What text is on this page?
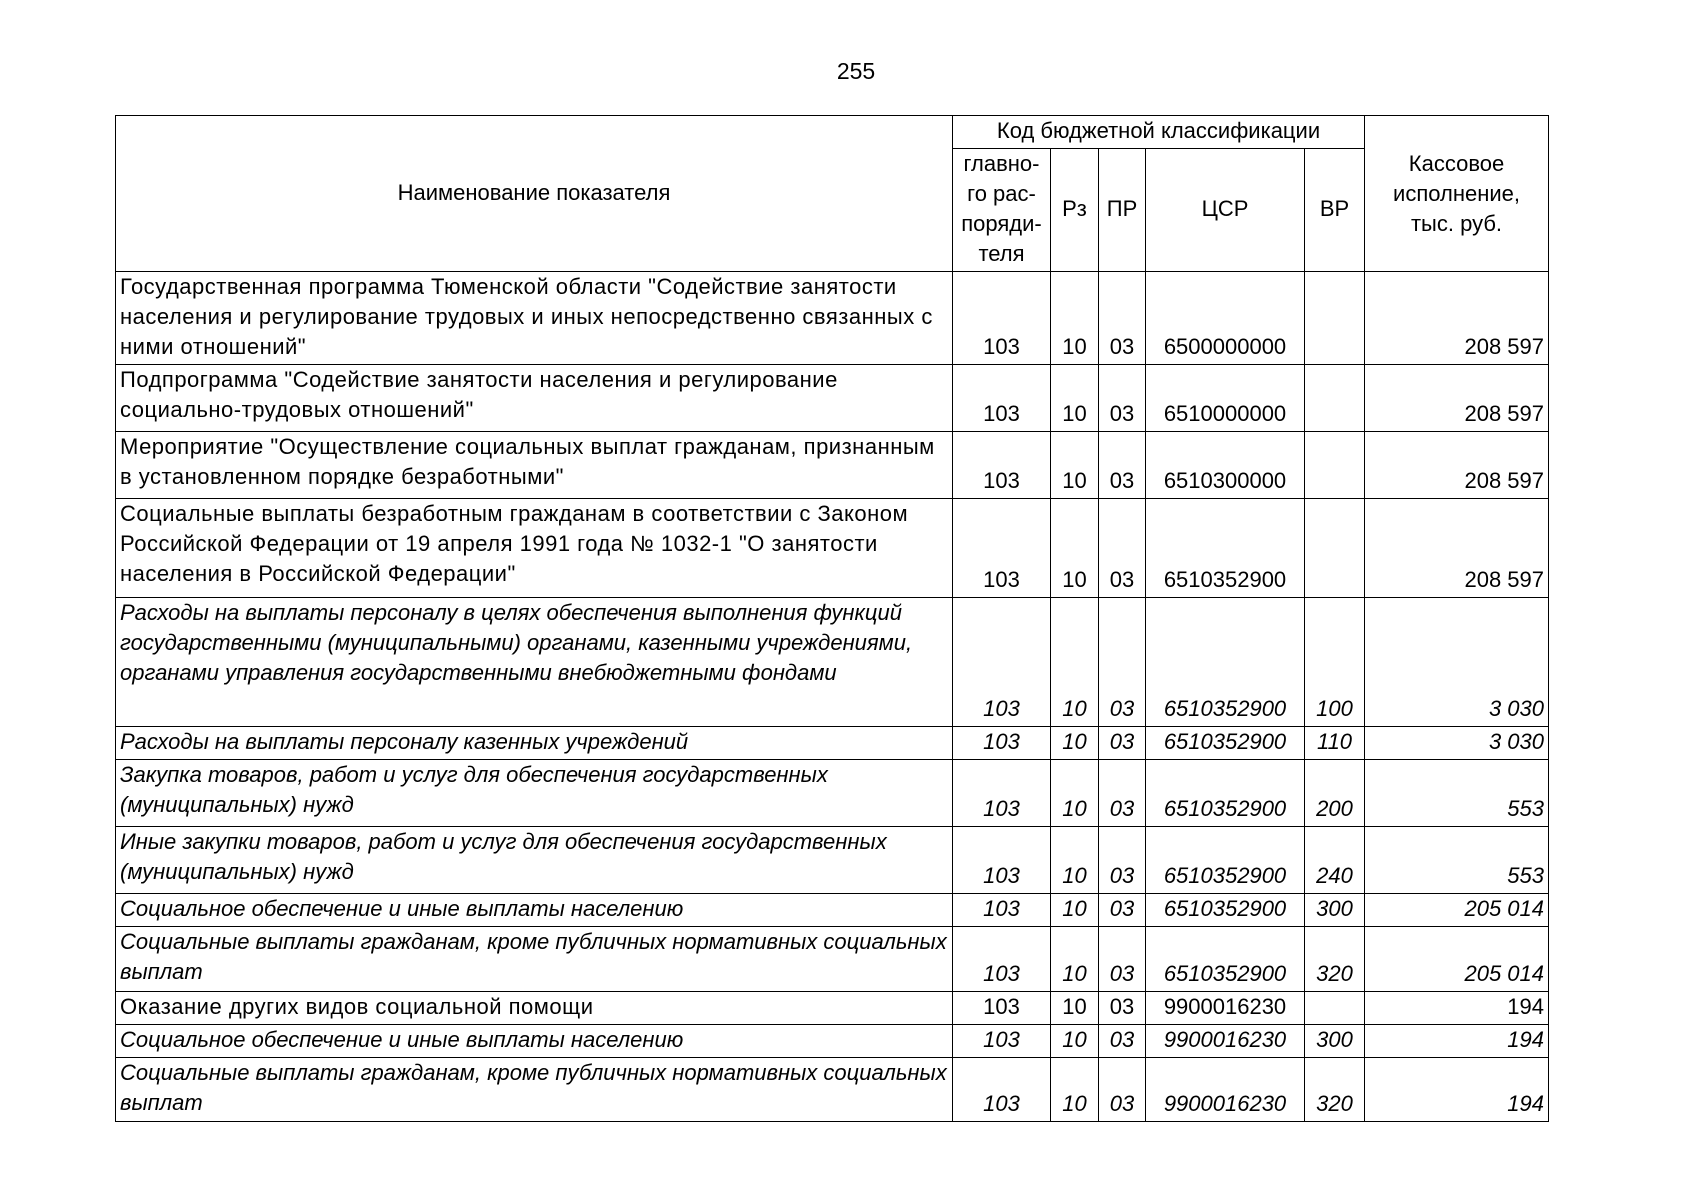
255
Наименование показателя	Код бюджетной классификации					Кассовое исполнение, тыс. руб.
	главно-го рас-поряди-теля	Рз	ПР	ЦСР	ВР	
Государственная программа Тюменской области "Содействие занятости населения и регулирование трудовых и иных непосредственно связанных с ними отношений"	103	10	03	6500000000		208 597
Подпрограмма "Содействие занятости населения и регулирование социально-трудовых отношений"	103	10	03	6510000000		208 597
Мероприятие "Осуществление социальных выплат гражданам, признанным в установленном порядке безработными"	103	10	03	6510300000		208 597
Социальные выплаты безработным гражданам в соответствии с Законом Российской Федерации от 19 апреля 1991 года № 1032-1 "О занятости населения в Российской Федерации"	103	10	03	6510352900		208 597
Расходы на выплаты персоналу в целях обеспечения выполнения функций государственными (муниципальными) органами, казенными учреждениями, органами управления государственными внебюджетными фондами	103	10	03	6510352900	100	3 030
Расходы на выплаты персоналу казенных учреждений	103	10	03	6510352900	110	3 030
Закупка товаров, работ и услуг для обеспечения государственных (муниципальных) нужд	103	10	03	6510352900	200	553
Иные закупки товаров, работ и услуг для обеспечения государственных (муниципальных) нужд	103	10	03	6510352900	240	553
Социальное обеспечение и иные выплаты населению	103	10	03	6510352900	300	205 014
Социальные выплаты гражданам, кроме публичных нормативных социальных выплат	103	10	03	6510352900	320	205 014
Оказание других видов социальной помощи	103	10	03	9900016230		194
Социальное обеспечение и иные выплаты населению	103	10	03	9900016230	300	194
Социальные выплаты гражданам, кроме публичных нормативных социальных выплат	103	10	03	9900016230	320	194
